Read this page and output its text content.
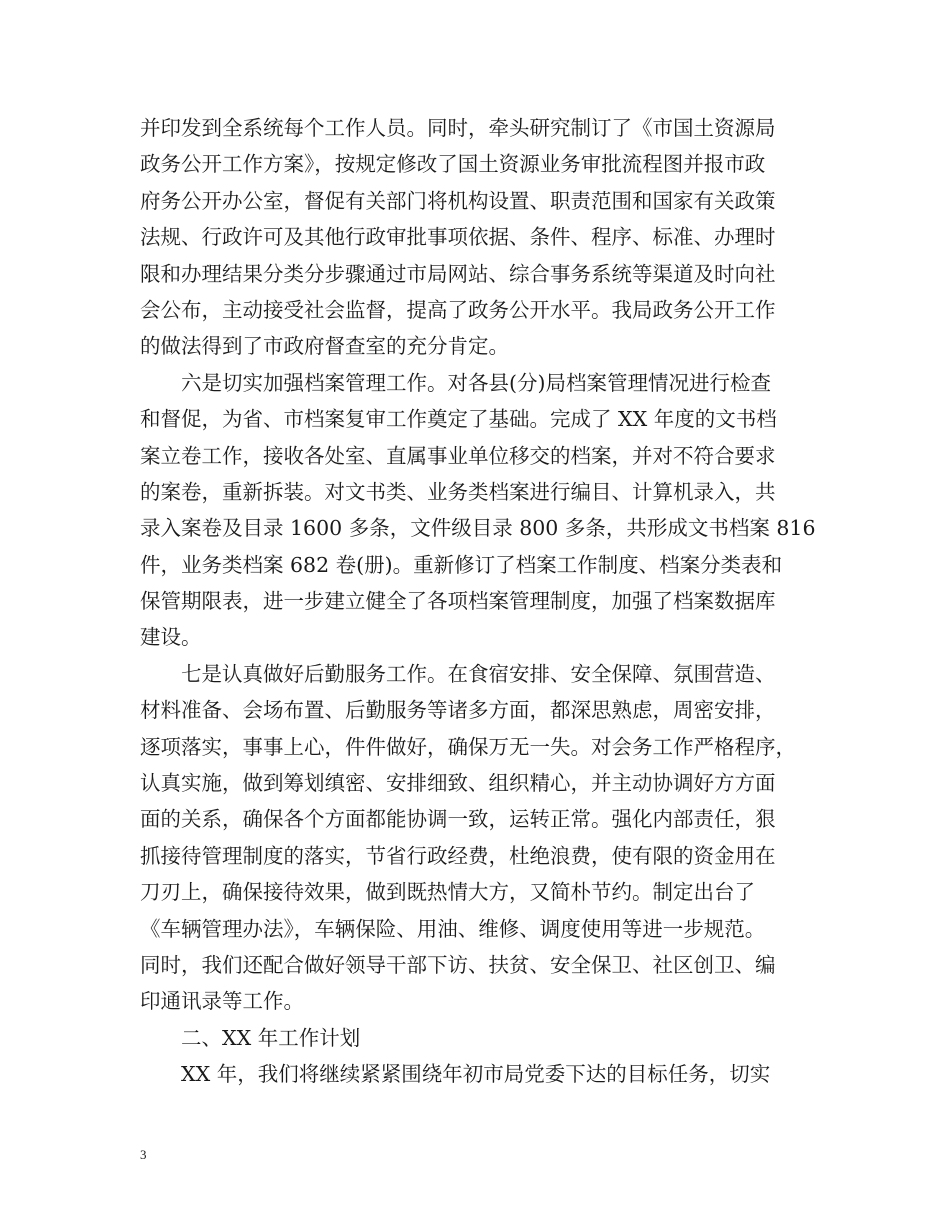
并印发到全系统每个工作人员。同时，牵头研究制订了《市国土资源局
政务公开工作方案》，按规定修改了国土资源业务审批流程图并报市政
府务公开办公室，督促有关部门将机构设置、职责范围和国家有关政策
法规、行政许可及其他行政审批事项依据、条件、程序、标准、办理时
限和办理结果分类分步骤通过市局网站、综合事务系统等渠道及时向社
会公布，主动接受社会监督，提高了政务公开水平。我局政务公开工作
的做法得到了市政府督查室的充分肯定。
　　六是切实加强档案管理工作。对各县(分)局档案管理情况进行检查
和督促，为省、市档案复审工作奠定了基础。完成了 XX 年度的文书档
案立卷工作，接收各处室、直属事业单位移交的档案，并对不符合要求
的案卷，重新拆装。对文书类、业务类档案进行编目、计算机录入，共
录入案卷及目录 1600 多条，文件级目录 800 多条，共形成文书档案 816
件，业务类档案 682 卷(册)。重新修订了档案工作制度、档案分类表和
保管期限表，进一步建立健全了各项档案管理制度，加强了档案数据库
建设。
　　七是认真做好后勤服务工作。在食宿安排、安全保障、氛围营造、
材料准备、会场布置、后勤服务等诸多方面，都深思熟虑，周密安排，
逐项落实，事事上心，件件做好，确保万无一失。对会务工作严格程序，
认真实施，做到筹划缜密、安排细致、组织精心，并主动协调好方方面
面的关系，确保各个方面都能协调一致，运转正常。强化内部责任，狠
抓接待管理制度的落实，节省行政经费，杜绝浪费，使有限的资金用在
刀刃上，确保接待效果，做到既热情大方，又简朴节约。制定出台了
《车辆管理办法》，车辆保险、用油、维修、调度使用等进一步规范。
同时，我们还配合做好领导干部下访、扶贫、安全保卫、社区创卫、编
印通讯录等工作。
　　二、XX 年工作计划
　　XX 年，我们将继续紧紧围绕年初市局党委下达的目标任务，切实
3
